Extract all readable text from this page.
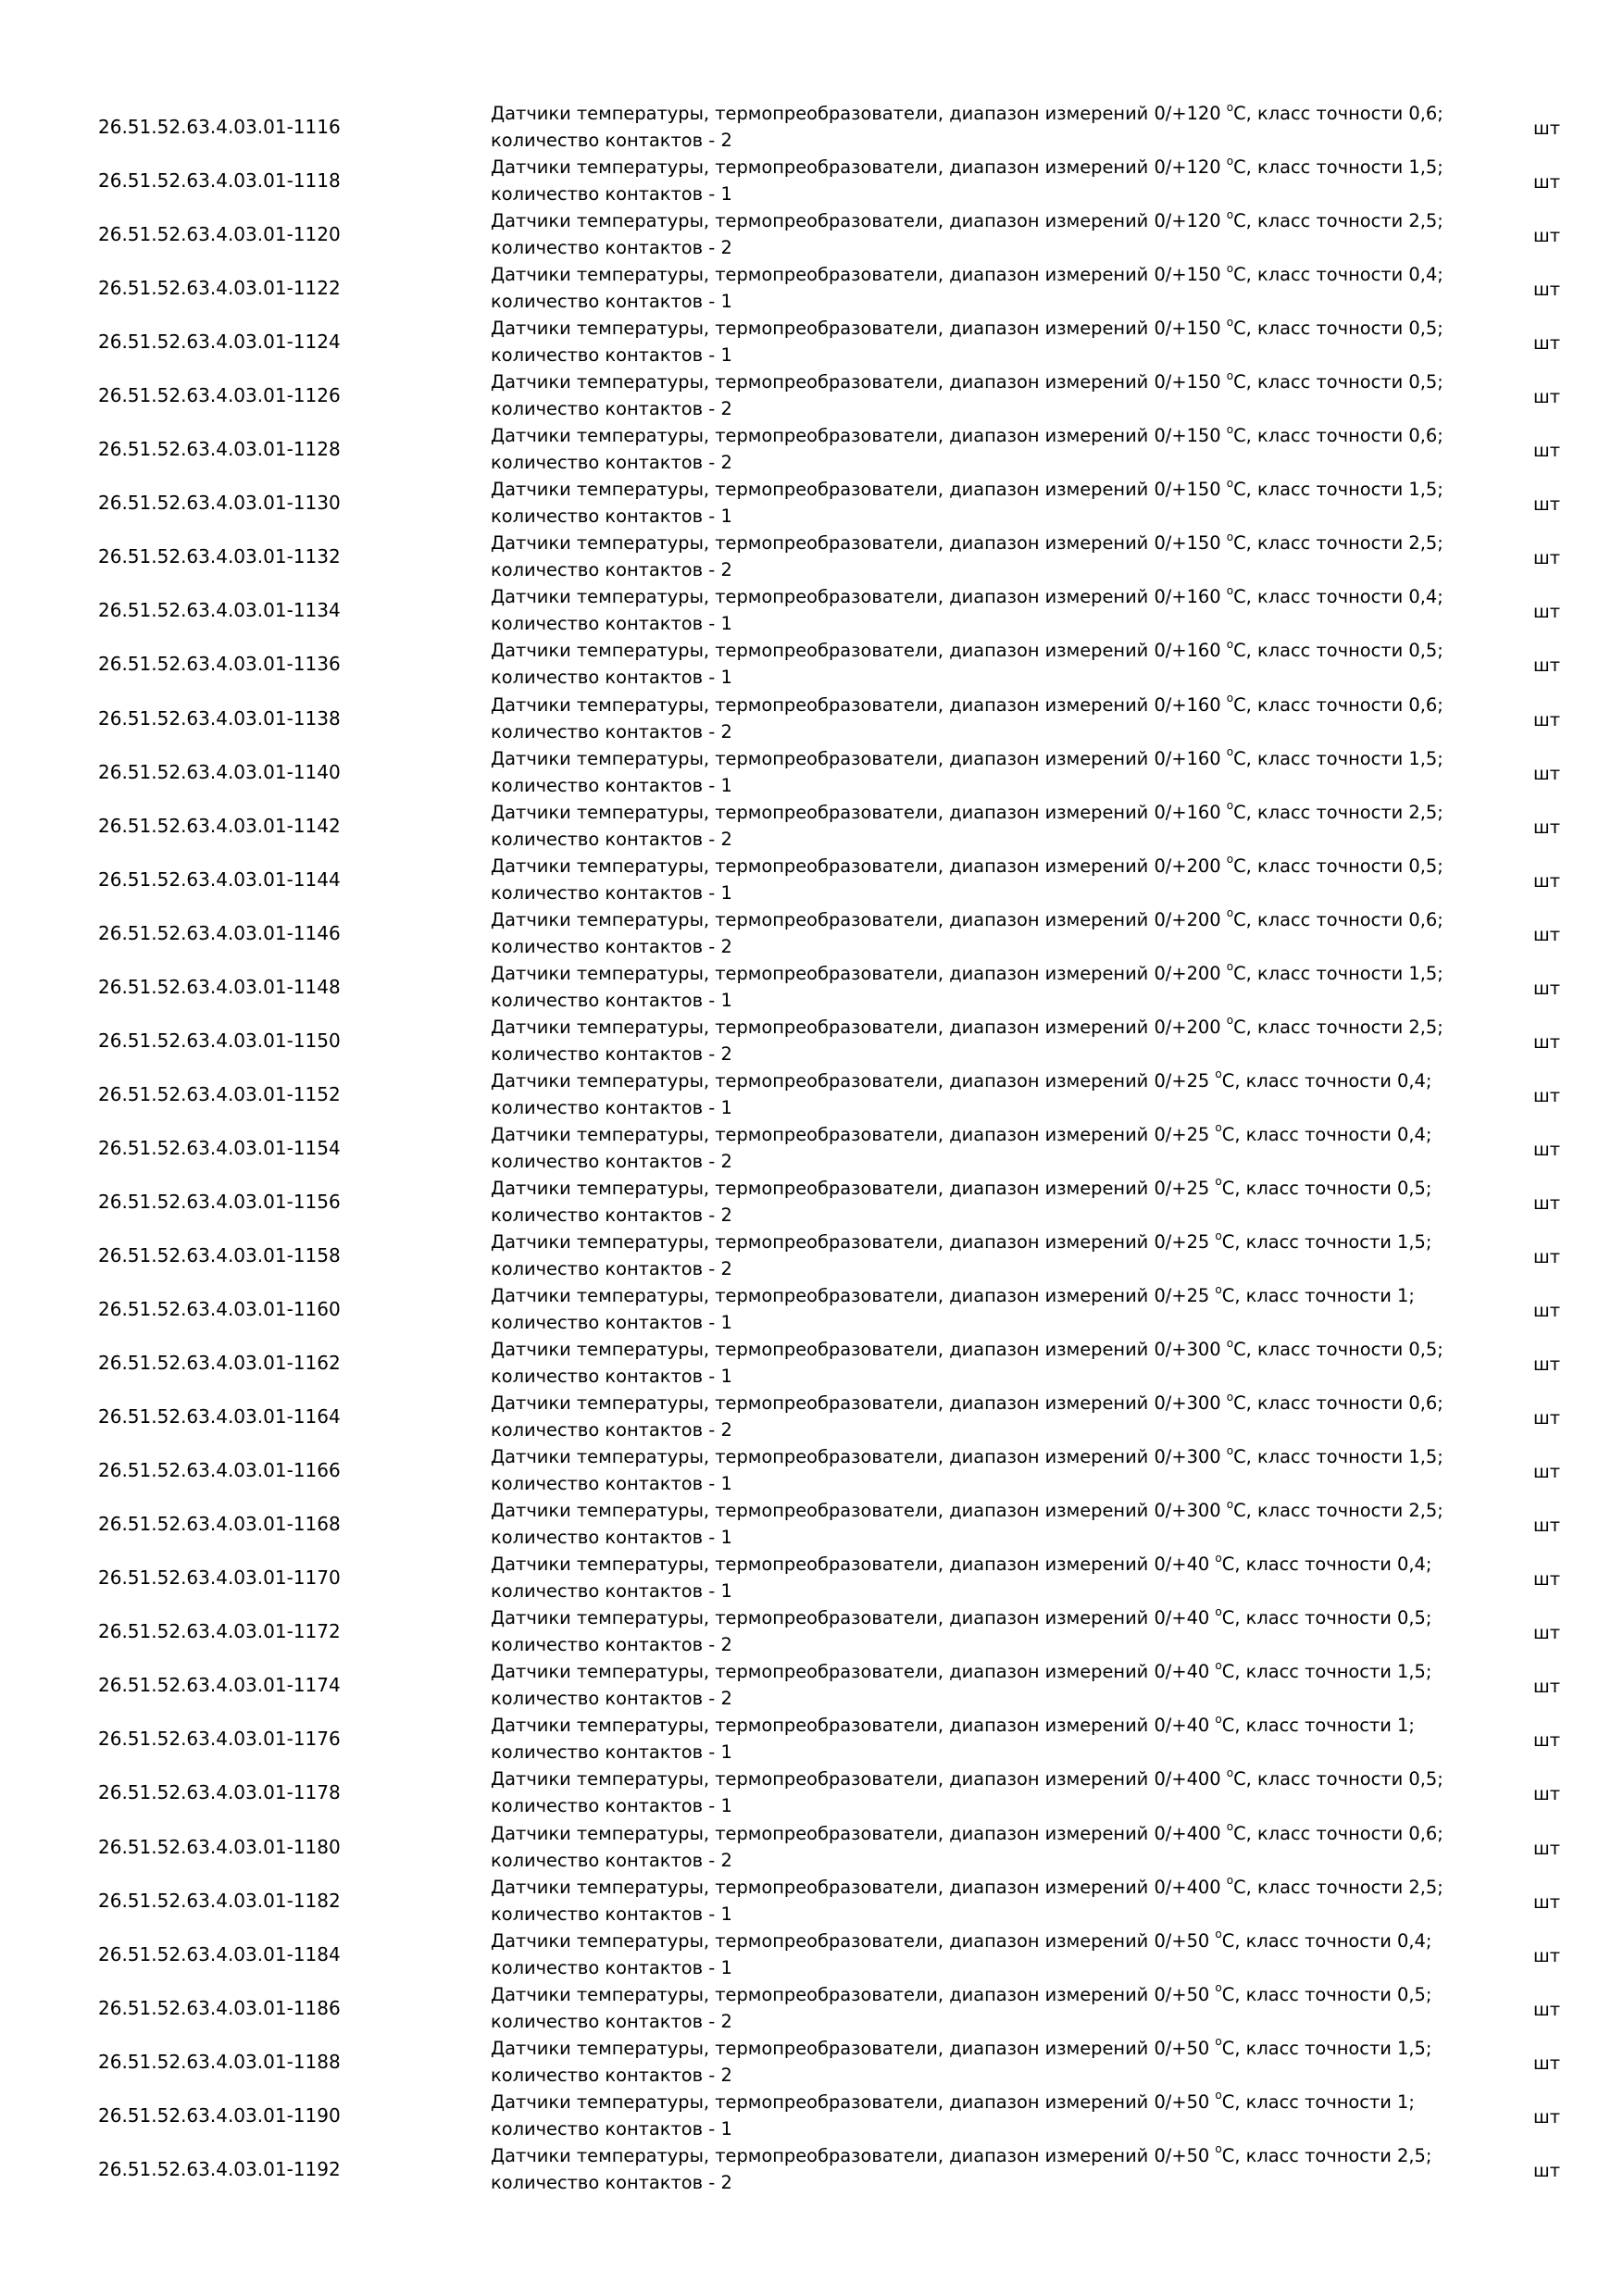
26.51.52.63.4.03.01-1116
Датчики температуры, термопреобразователи, диапазон измерений 0/+120 $^о$С, класс точности 0,6;
количество контактов - 2
шт
26.51.52.63.4.03.01-1118
Датчики температуры, термопреобразователи, диапазон измерений 0/+120 $^о$С, класс точности 1,5;
количество контактов - 1
шт
26.51.52.63.4.03.01-1120
Датчики температуры, термопреобразователи, диапазон измерений 0/+120 $^о$С, класс точности 2,5;
количество контактов - 2
шт
26.51.52.63.4.03.01-1122
Датчики температуры, термопреобразователи, диапазон измерений 0/+150 $^о$С, класс точности 0,4;
количество контактов - 1
шт
26.51.52.63.4.03.01-1124
Датчики температуры, термопреобразователи, диапазон измерений 0/+150 $^о$С, класс точности 0,5;
количество контактов - 1
шт
26.51.52.63.4.03.01-1126
Датчики температуры, термопреобразователи, диапазон измерений 0/+150 $^о$С, класс точности 0,5;
количество контактов - 2
шт
26.51.52.63.4.03.01-1128
Датчики температуры, термопреобразователи, диапазон измерений 0/+150 $^о$С, класс точности 0,6;
количество контактов - 2
шт
26.51.52.63.4.03.01-1130
Датчики температуры, термопреобразователи, диапазон измерений 0/+150 $^о$С, класс точности 1,5;
количество контактов - 1
шт
26.51.52.63.4.03.01-1132
Датчики температуры, термопреобразователи, диапазон измерений 0/+150 $^о$С, класс точности 2,5;
количество контактов - 2
шт
26.51.52.63.4.03.01-1134
Датчики температуры, термопреобразователи, диапазон измерений 0/+160 $^о$С, класс точности 0,4;
количество контактов - 1
шт
26.51.52.63.4.03.01-1136
Датчики температуры, термопреобразователи, диапазон измерений 0/+160 $^о$С, класс точности 0,5;
количество контактов - 1
шт
26.51.52.63.4.03.01-1138
Датчики температуры, термопреобразователи, диапазон измерений 0/+160 $^о$С, класс точности 0,6;
количество контактов - 2
шт
26.51.52.63.4.03.01-1140
Датчики температуры, термопреобразователи, диапазон измерений 0/+160 $^о$С, класс точности 1,5;
количество контактов - 1
шт
26.51.52.63.4.03.01-1142
Датчики температуры, термопреобразователи, диапазон измерений 0/+160 $^о$С, класс точности 2,5;
количество контактов - 2
шт
26.51.52.63.4.03.01-1144
Датчики температуры, термопреобразователи, диапазон измерений 0/+200 $^о$С, класс точности 0,5;
количество контактов - 1
шт
26.51.52.63.4.03.01-1146
Датчики температуры, термопреобразователи, диапазон измерений 0/+200 $^о$С, класс точности 0,6;
количество контактов - 2
шт
26.51.52.63.4.03.01-1148
Датчики температуры, термопреобразователи, диапазон измерений 0/+200 $^о$С, класс точности 1,5;
количество контактов - 1
шт
26.51.52.63.4.03.01-1150
Датчики температуры, термопреобразователи, диапазон измерений 0/+200 $^о$С, класс точности 2,5;
количество контактов - 2
шт
26.51.52.63.4.03.01-1152
Датчики температуры, термопреобразователи, диапазон измерений 0/+25 $^о$С, класс точности 0,4;
количество контактов - 1
шт
26.51.52.63.4.03.01-1154
Датчики температуры, термопреобразователи, диапазон измерений 0/+25 $^о$С, класс точности 0,4;
количество контактов - 2
шт
26.51.52.63.4.03.01-1156
Датчики температуры, термопреобразователи, диапазон измерений 0/+25 $^о$С, класс точности 0,5;
количество контактов - 2
шт
26.51.52.63.4.03.01-1158
Датчики температуры, термопреобразователи, диапазон измерений 0/+25 $^о$С, класс точности 1,5;
количество контактов - 2
шт
26.51.52.63.4.03.01-1160
Датчики температуры, термопреобразователи, диапазон измерений 0/+25 $^о$С, класс точности 1;
количество контактов - 1
шт
26.51.52.63.4.03.01-1162
Датчики температуры, термопреобразователи, диапазон измерений 0/+300 $^о$С, класс точности 0,5;
количество контактов - 1
шт
26.51.52.63.4.03.01-1164
Датчики температуры, термопреобразователи, диапазон измерений 0/+300 $^о$С, класс точности 0,6;
количество контактов - 2
шт
26.51.52.63.4.03.01-1166
Датчики температуры, термопреобразователи, диапазон измерений 0/+300 $^о$С, класс точности 1,5;
количество контактов - 1
шт
26.51.52.63.4.03.01-1168
Датчики температуры, термопреобразователи, диапазон измерений 0/+300 $^о$С, класс точности 2,5;
количество контактов - 1
шт
26.51.52.63.4.03.01-1170
Датчики температуры, термопреобразователи, диапазон измерений 0/+40 $^о$С, класс точности 0,4;
количество контактов - 1
шт
26.51.52.63.4.03.01-1172
Датчики температуры, термопреобразователи, диапазон измерений 0/+40 $^о$С, класс точности 0,5;
количество контактов - 2
шт
26.51.52.63.4.03.01-1174
Датчики температуры, термопреобразователи, диапазон измерений 0/+40 $^о$С, класс точности 1,5;
количество контактов - 2
шт
26.51.52.63.4.03.01-1176
Датчики температуры, термопреобразователи, диапазон измерений 0/+40 $^о$С, класс точности 1;
количество контактов - 1
шт
26.51.52.63.4.03.01-1178
Датчики температуры, термопреобразователи, диапазон измерений 0/+400 $^о$С, класс точности 0,5;
количество контактов - 1
шт
26.51.52.63.4.03.01-1180
Датчики температуры, термопреобразователи, диапазон измерений 0/+400 $^о$С, класс точности 0,6;
количество контактов - 2
шт
26.51.52.63.4.03.01-1182
Датчики температуры, термопреобразователи, диапазон измерений 0/+400 $^о$С, класс точности 2,5;
количество контактов - 1
шт
26.51.52.63.4.03.01-1184
Датчики температуры, термопреобразователи, диапазон измерений 0/+50 $^о$С, класс точности 0,4;
количество контактов - 1
шт
26.51.52.63.4.03.01-1186
Датчики температуры, термопреобразователи, диапазон измерений 0/+50 $^о$С, класс точности 0,5;
количество контактов - 2
шт
26.51.52.63.4.03.01-1188
Датчики температуры, термопреобразователи, диапазон измерений 0/+50 $^о$С, класс точности 1,5;
количество контактов - 2
шт
26.51.52.63.4.03.01-1190
Датчики температуры, термопреобразователи, диапазон измерений 0/+50 $^о$С, класс точности 1;
количество контактов - 1
шт
26.51.52.63.4.03.01-1192
Датчики температуры, термопреобразователи, диапазон измерений 0/+50 $^о$С, класс точности 2,5;
количество контактов - 2
шт
